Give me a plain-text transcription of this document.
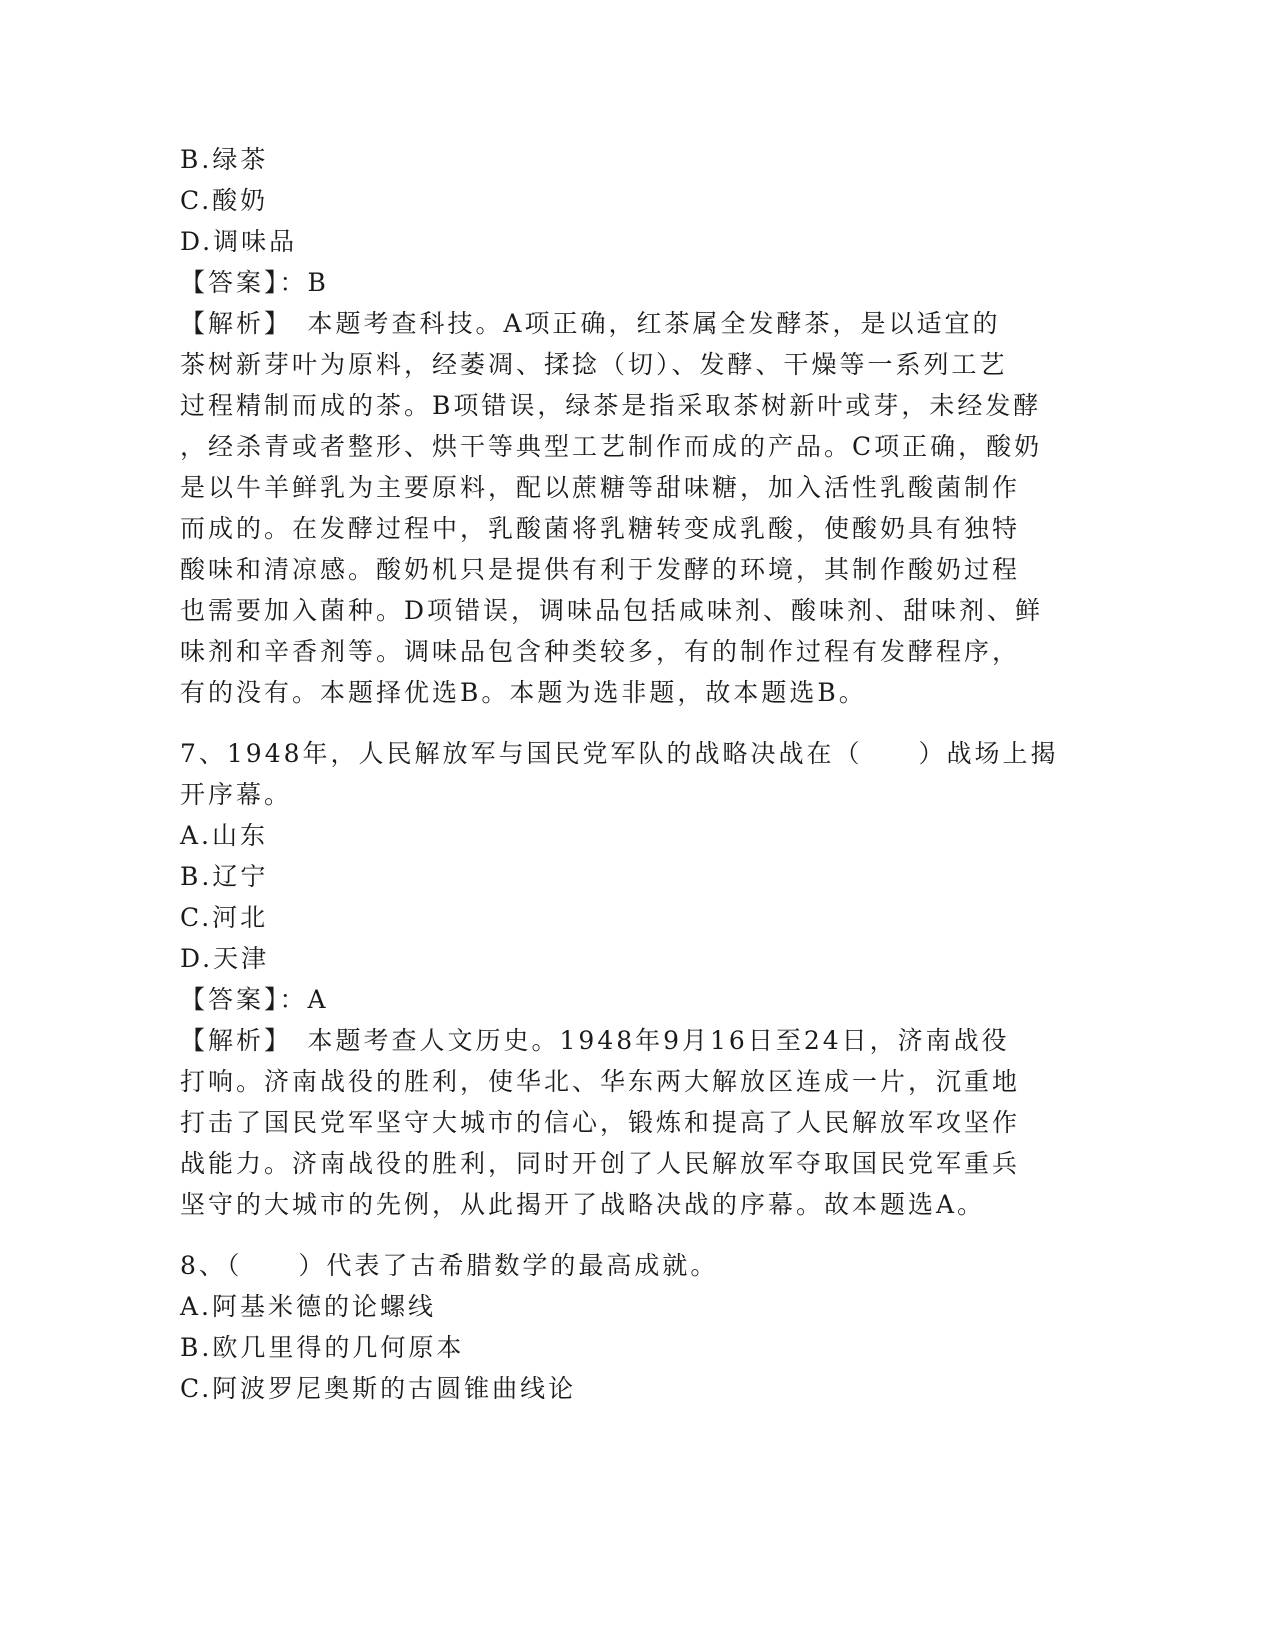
B.绿茶
C.酸奶
D.调味品
【答案】：B
【解析】　本题考查科技。A项正确，红茶属全发酵茶，是以适宜的
茶树新芽叶为原料，经萎凋、揉捻（切）、发酵、干燥等一系列工艺
过程精制而成的茶。B项错误，绿茶是指采取茶树新叶或芽，未经发酵
，经杀青或者整形、烘干等典型工艺制作而成的产品。C项正确，酸奶
是以牛羊鲜乳为主要原料，配以蔗糖等甜味糖，加入活性乳酸菌制作
而成的。在发酵过程中，乳酸菌将乳糖转变成乳酸，使酸奶具有独特
酸味和清凉感。酸奶机只是提供有利于发酵的环境，其制作酸奶过程
也需要加入菌种。D项错误，调味品包括咸味剂、酸味剂、甜味剂、鲜
味剂和辛香剂等。调味品包含种类较多，有的制作过程有发酵程序，
有的没有。本题择优选B。本题为选非题，故本题选B。
7、1948年，人民解放军与国民党军队的战略决战在（　　）战场上揭
开序幕。
A.山东
B.辽宁
C.河北
D.天津
【答案】：A
【解析】　本题考查人文历史。1948年9月16日至24日，济南战役
打响。济南战役的胜利，使华北、华东两大解放区连成一片，沉重地
打击了国民党军坚守大城市的信心，锻炼和提高了人民解放军攻坚作
战能力。济南战役的胜利，同时开创了人民解放军夺取国民党军重兵
坚守的大城市的先例，从此揭开了战略决战的序幕。故本题选A。
8、（　　）代表了古希腊数学的最高成就。
A.阿基米德的论螺线
B.欧几里得的几何原本
C.阿波罗尼奥斯的古圆锥曲线论
